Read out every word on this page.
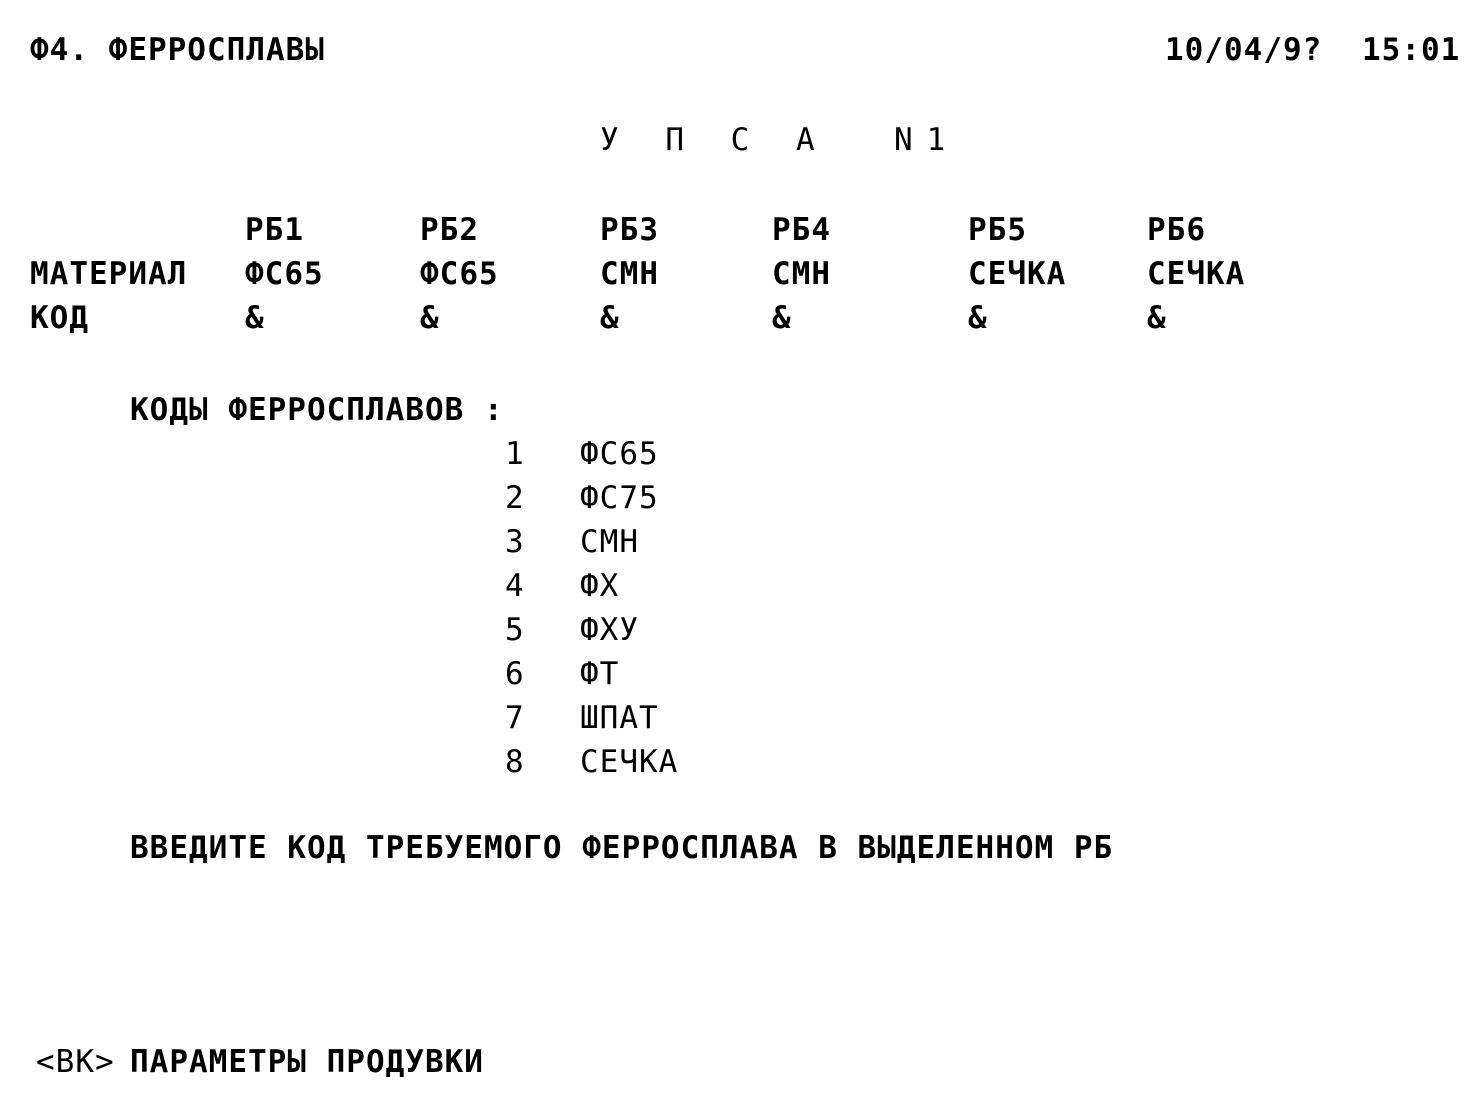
Ф4. ФЕРРОСПЛАВЫ	10/04/9? 15:01
У П С А  N1
МАТЕРИАЛ
КОД
РБ1
ФС65
&
РБ2
ФС65
&
РБ3
СМН
&
РБ4
СМН
&
РБ5
СЕЧКА
&
РБ6
СЕЧКА
&
КОДЫ ФЕРРОСПЛАВОВ :
1 ФС65
2 ФС75
3 СМН
4 ФХ
5 ФХУ
6 ФТ
7 ШПАТ
8 СЕЧКА
ВВЕДИТЕ КОД ТРЕБУЕМОГО ФЕРРОСПЛАВА В ВЫДЕЛЕННОМ РБ
<ВК> ПАРАМЕТРЫ ПРОДУВКИ
